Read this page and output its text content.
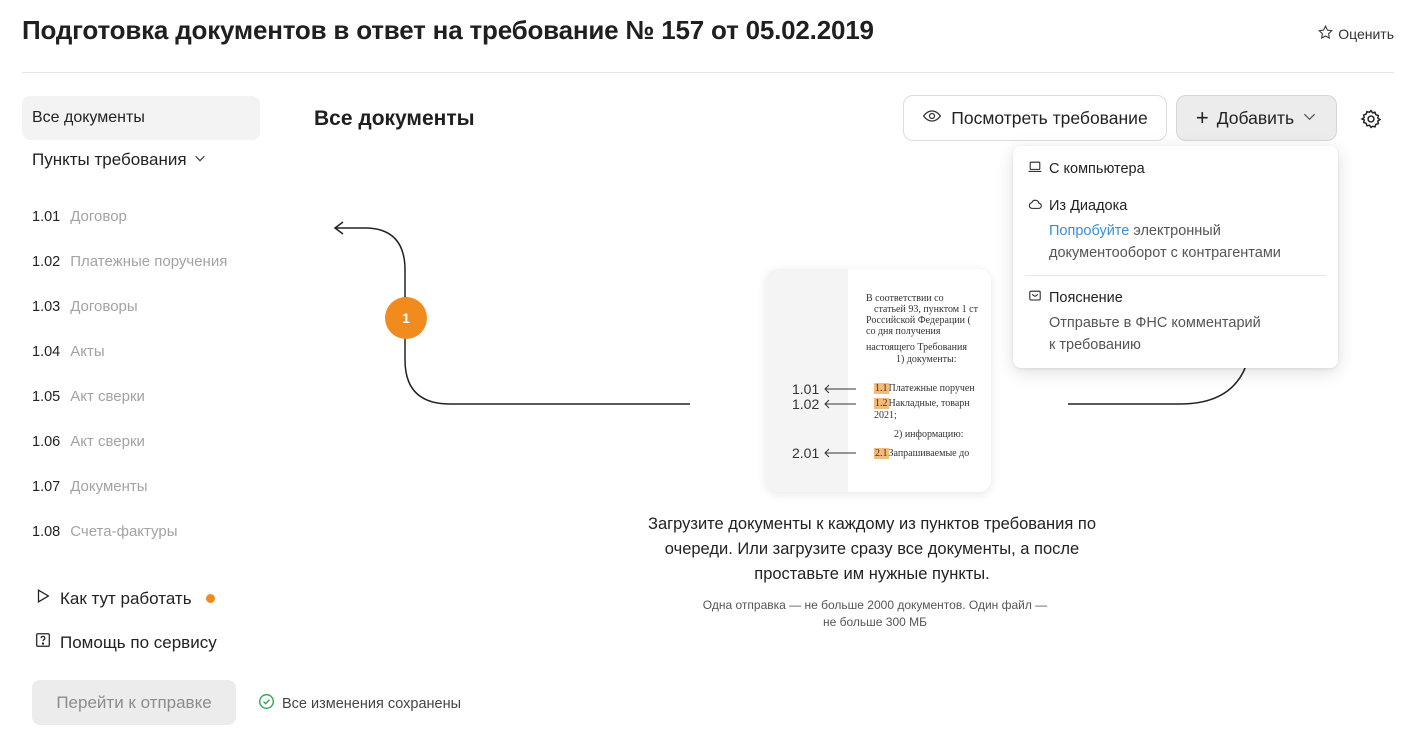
Подготовка документов в ответ на требование № 157 от 05.02.2019	Оценить
Все документы
Пункты требования
1.01 Договор
1.02 Платежные поручения
1.03 Договоры
1.04 Акты
1.05 Акт сверки
1.06 Акт сверки
1.07 Документы
1.08 Счета-фактуры
Как тут работать
Помощь по сервису
Перейти к отправке	Все изменения сохранены
Все документы	Посмотреть требование + Добавить
1
В соответствии со
статьей 93, пунктом 1 ст
Российской Федерации (
со дня получения
настоящего Требования
1) документы:
1.01	1.1Платежные поручен
1.02	1.2Накладные, товарн
2021;
2) информацию:
2.01	2.1Запрашиваемые до
Загрузите документы к каждому из пунктов требования по очереди. Или загрузите сразу все документы, а после проставьте им нужные пункты.
Одна отправка — не больше 2000 документов. Один файл — не больше 300 МБ
С компьютера
Из Диадока
Попробуйте электронный
документооборот с контрагентами
Пояснение
Отправьте в ФНС комментарий
к требованию
